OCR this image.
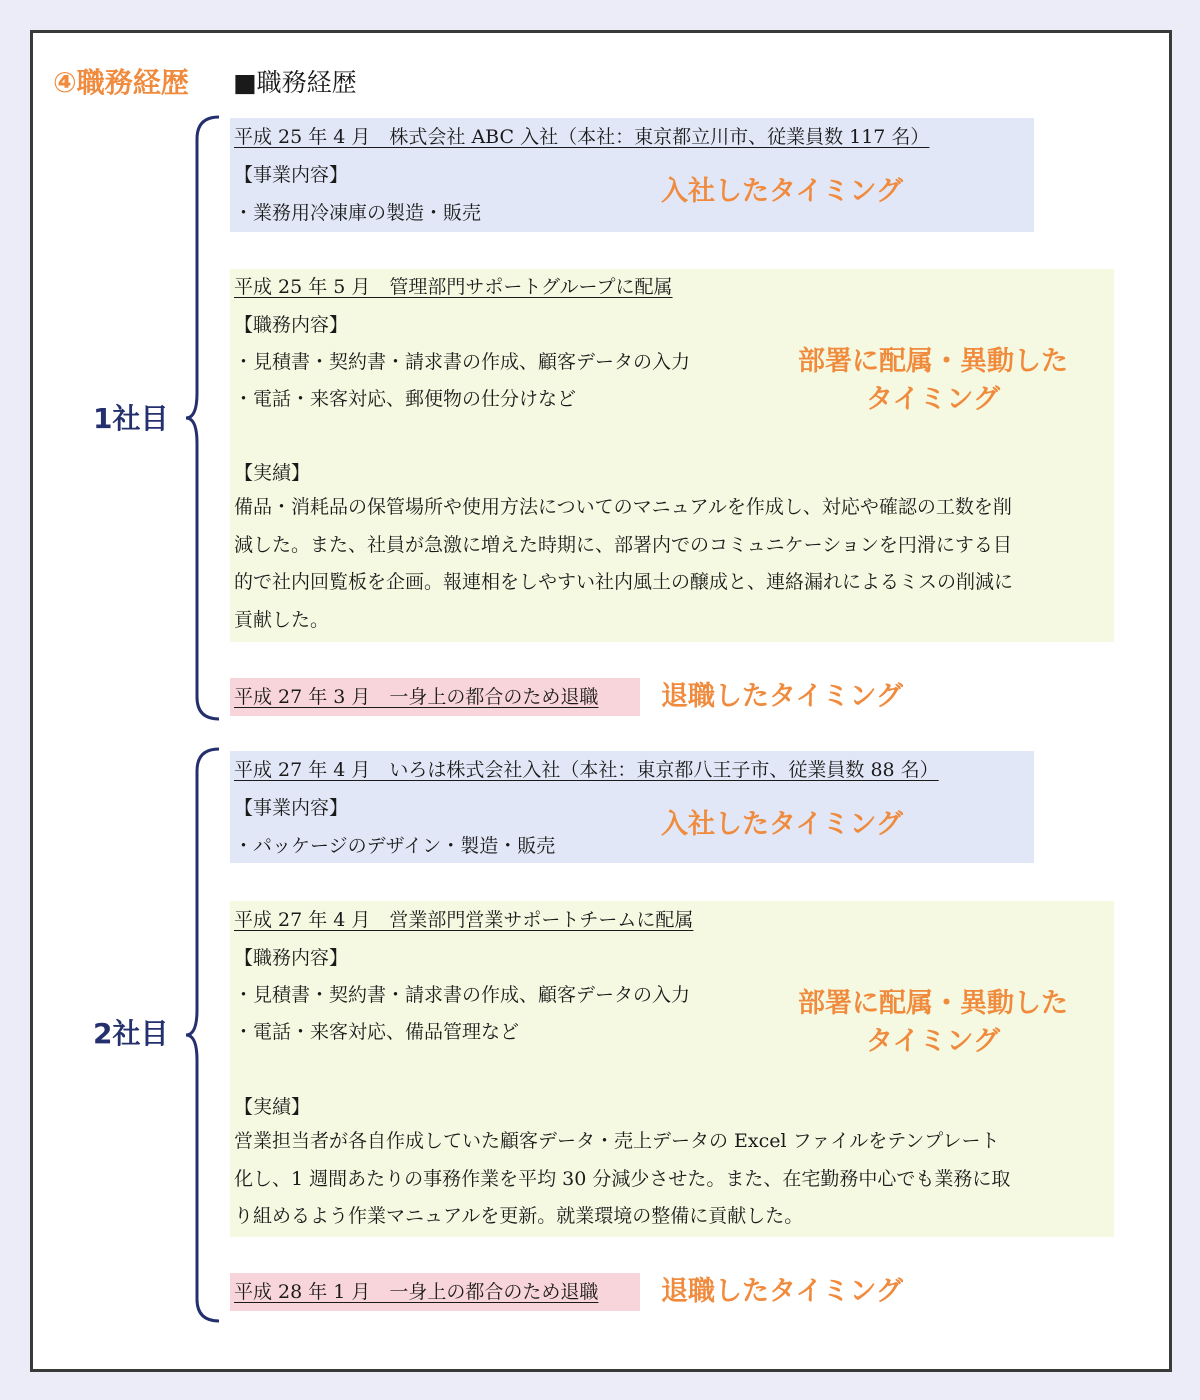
④職務経歴 ■職務経歴
1社目
平成 25 年 4 月　株式会社 ABC 入社（本社：東京都立川市、従業員数 117 名）
【事業内容】
・業務用冷凍庫の製造・販売
入社したタイミング
平成 25 年 5 月　管理部門サポートグループに配属
【職務内容】
・見積書・契約書・請求書の作成、顧客データの入力
・電話・来客対応、郵便物の仕分けなど
部署に配属・異動した
タイミング
【実績】
備品・消耗品の保管場所や使用方法についてのマニュアルを作成し、対応や確認の工数を削
減した。また、社員が急激に増えた時期に、部署内でのコミュニケーションを円滑にする目
的で社内回覧板を企画。報連相をしやすい社内風土の醸成と、連絡漏れによるミスの削減に
貢献した。
平成 27 年 3 月　一身上の都合のため退職 退職したタイミング
2社目
平成 27 年 4 月　いろは株式会社入社（本社：東京都八王子市、従業員数 88 名）
【事業内容】
・パッケージのデザイン・製造・販売
入社したタイミング
平成 27 年 4 月　営業部門営業サポートチームに配属
【職務内容】
・見積書・契約書・請求書の作成、顧客データの入力
・電話・来客対応、備品管理など
部署に配属・異動した
タイミング
【実績】
営業担当者が各自作成していた顧客データ・売上データの Excel ファイルをテンプレート
化し、1 週間あたりの事務作業を平均 30 分減少させた。また、在宅勤務中心でも業務に取
り組めるよう作業マニュアルを更新。就業環境の整備に貢献した。
平成 28 年 1 月　一身上の都合のため退職 退職したタイミング
